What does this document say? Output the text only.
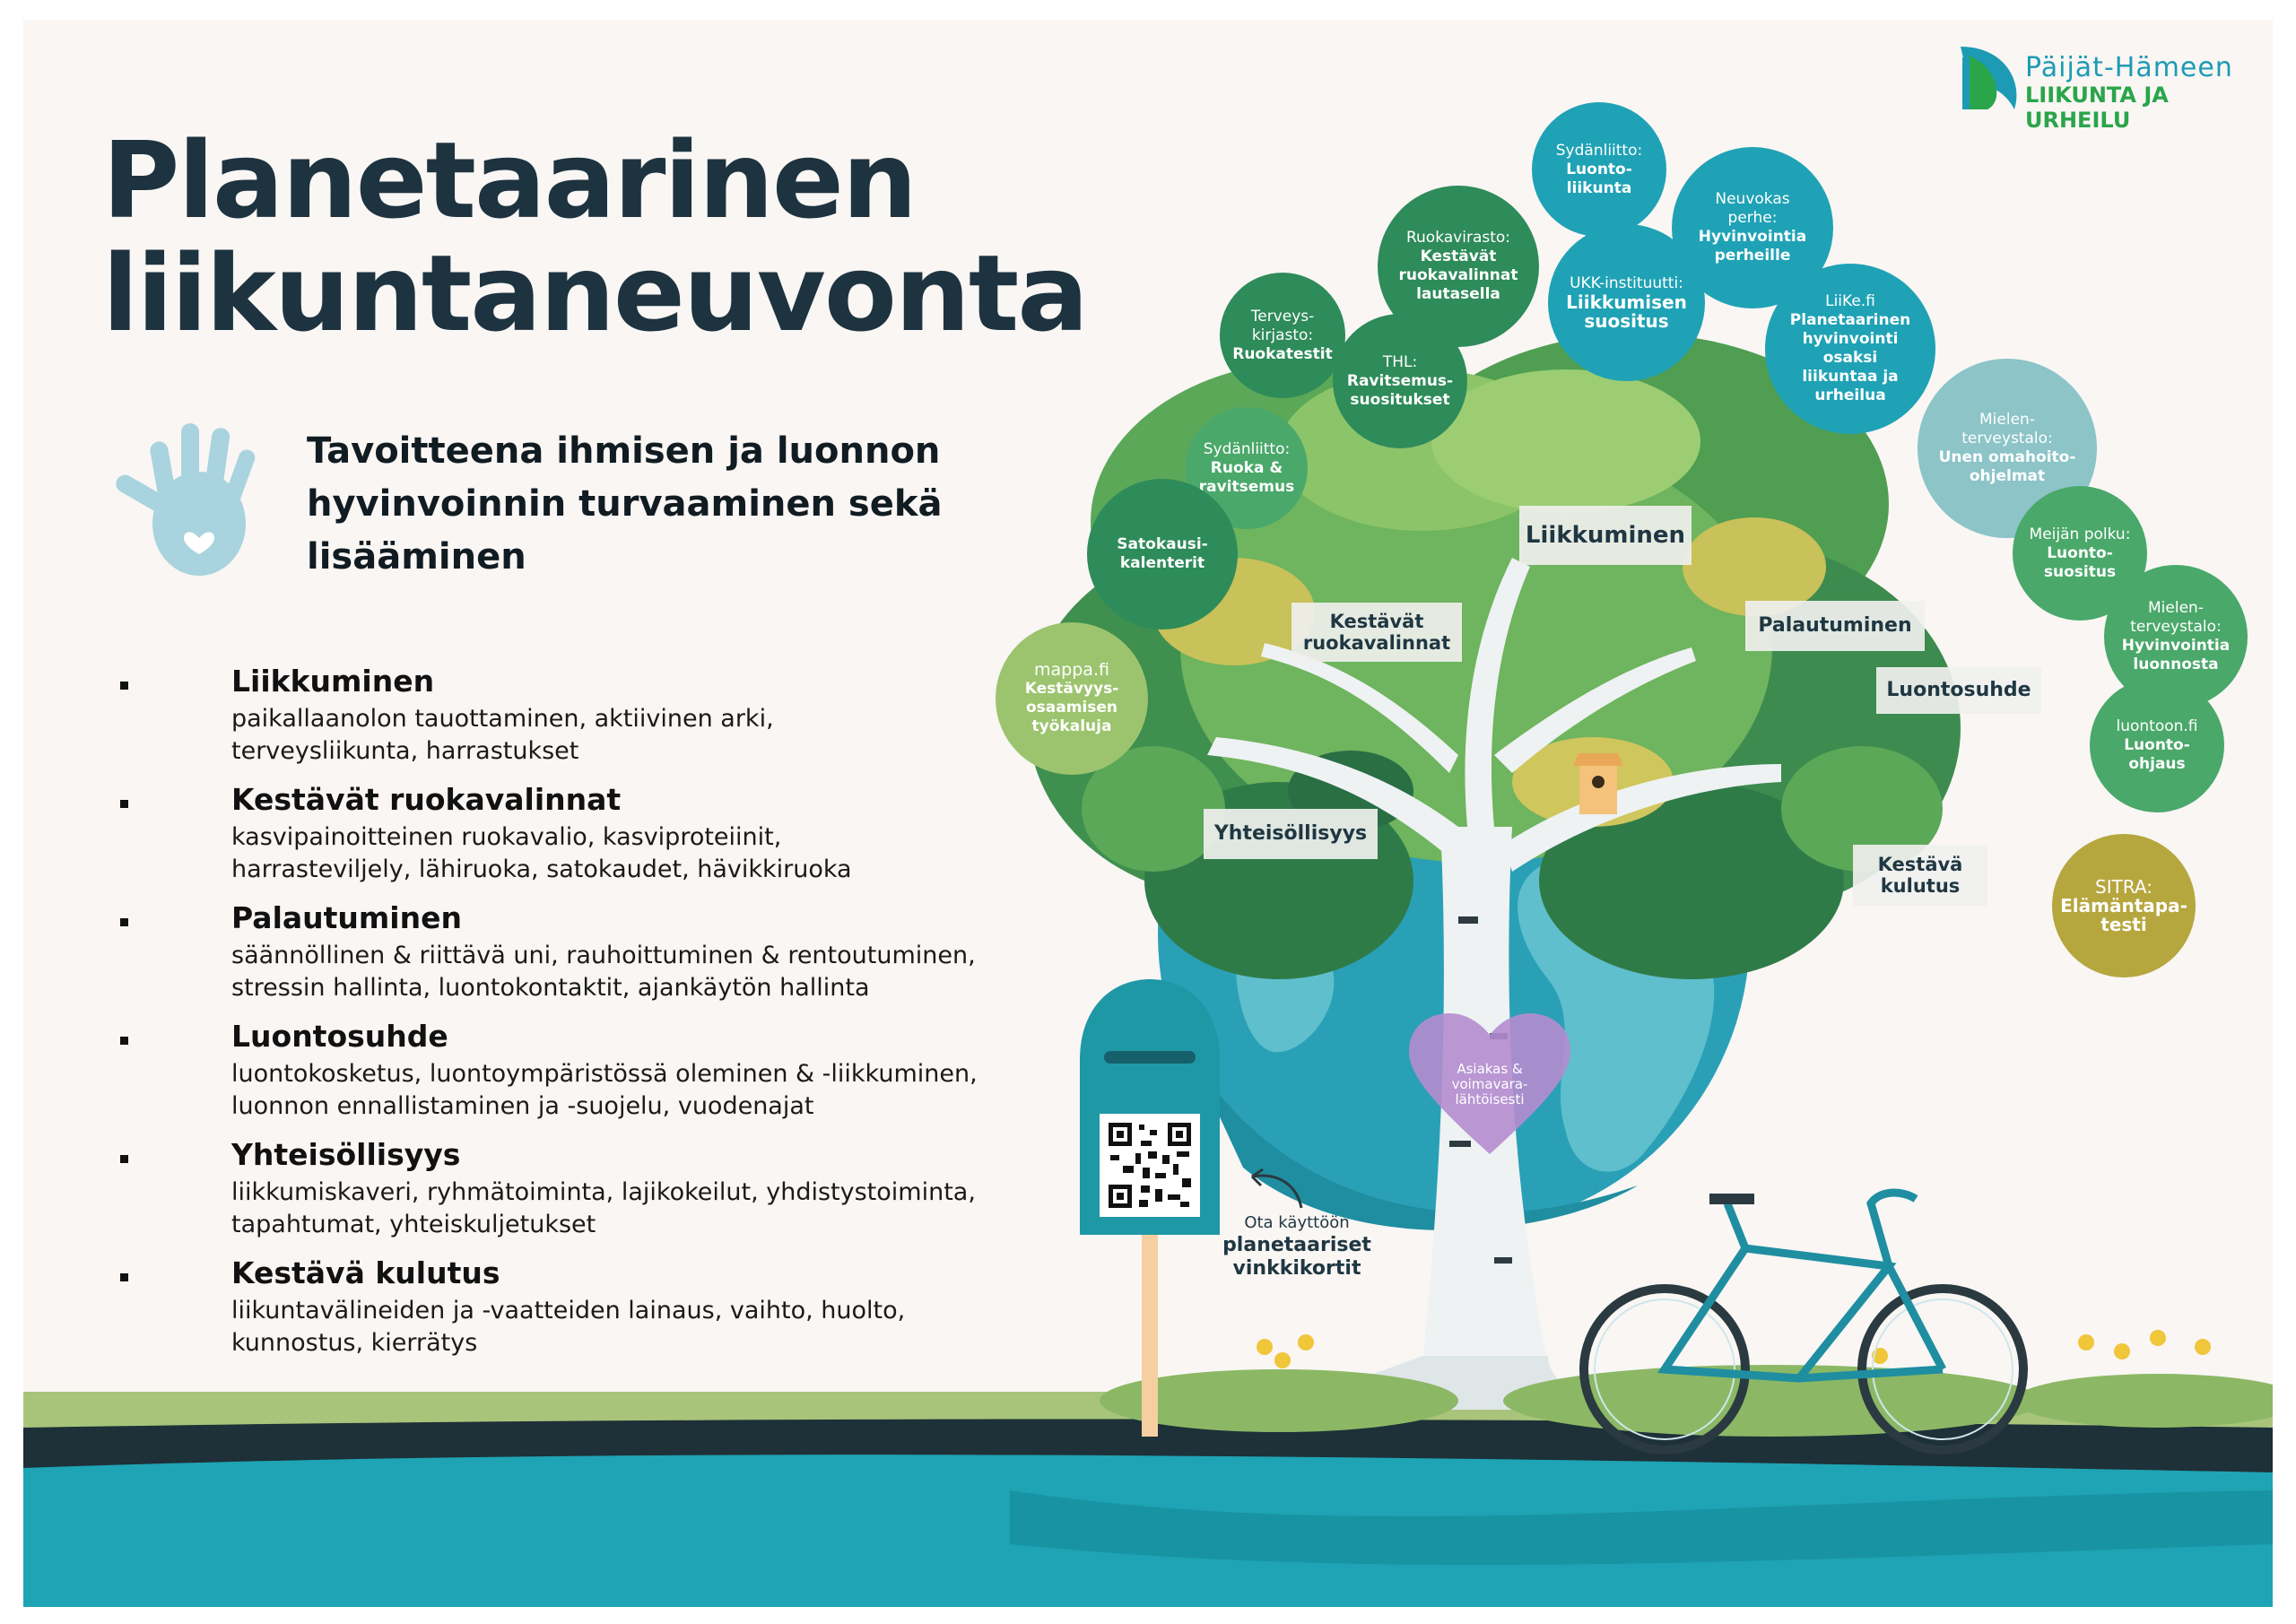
Planetaarinen
liikuntaneuvonta
Päijät-Hämeen
LIIKUNTA JA URHEILU
Tavoitteena ihmisen ja luonnon hyvinvoinnin turvaaminen sekä lisääminen
Liikkuminen
paikallaanolon tauottaminen, aktiivinen arki,
terveysliikunta, harrastukset
Kestävät ruokavalinnat
kasvipainoitteinen ruokavalio, kasviproteiinit,
harrasteviljely, lähiruoka, satokaudet, hävikkiruoka
Palautuminen
säännöllinen & riittävä uni, rauhoittuminen & rentoutuminen,
stressin hallinta, luontokontaktit, ajankäytön hallinta
Luontosuhde
luontokosketus, luontoympäristössä oleminen & -liikkuminen,
luonnon ennallistaminen ja -suojelu, vuodenajat
Yhteisöllisyys
liikkumiskaveri, ryhmätoiminta, lajikokeilut, yhdistystoiminta,
tapahtumat, yhteiskuljetukset
Kestävä kulutus
liikuntavälineiden ja -vaatteiden lainaus, vaihto, huolto,
kunnostus, kierrätys
Sydänliitto:
Luonto-
liikunta
Ruokavirasto:
Kestävät
ruokavalinnat
lautasella
Neuvokas
perhe:
Hyvinvointia
perheille
UKK-instituutti:
Liikkumisen
suositus
Terveys-
kirjasto:
Ruokatestit	THL:
Ravitsemus-
suositukset
LiiKe.fi
Planetaarinen
hyvinvointi osaksi
liikuntaa ja
urheilua
Sydänliitto:
Ruoka &
ravitsemus
Mielen-
terveystalo:
Unen omahoito-
ohjelmat
Satokausi-
kalenterit
Meijän polku:
Luonto-
suositus
Mielen-
terveystalo:
Hyvinvointia
luonnosta
mappa.fi
Kestävyys-
osaamisen
työkaluja	luontoon.fi
Luonto-ohjaus
SITRA:
Elämäntapa-
testi
Liikkuminen
Kestävät
ruokavalinnat
Palautuminen
Luontosuhde
Yhteisöllisyys
Kestävä
kulutus
Asiakas &
voimavara-
lähtöisesti
Ota käyttöön
planetaariset
vinkkikortit
